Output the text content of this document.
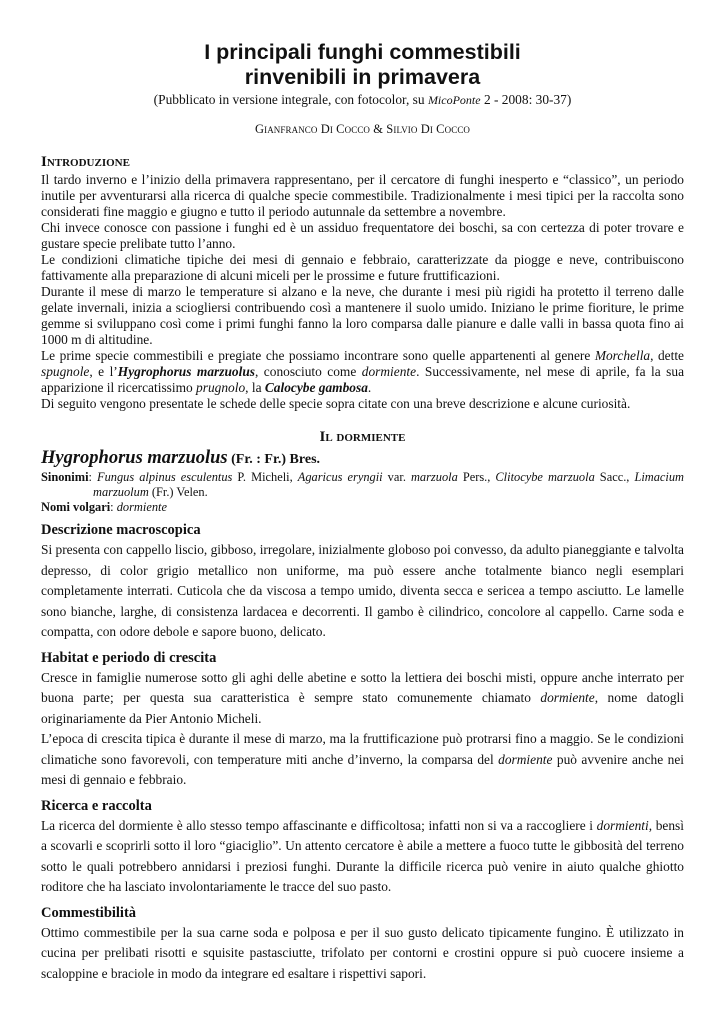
I principali funghi commestibili
rinvenibili in primavera
(Pubblicato in versione integrale, con fotocolor, su MicoPonte 2 - 2008: 30-37)
Gianfranco Di Cocco & Silvio Di Cocco
Introduzione

Il tardo inverno e l’inizio della primavera rappresentano, per il cercatore di funghi inesperto e “classico”, un periodo inutile per avventurarsi alla ricerca di qualche specie commestibile. Tradizionalmente i mesi tipici per la raccolta sono considerati fine maggio e giugno e tutto il periodo autunnale da settembre a novembre.

Chi invece conosce con passione i funghi ed è un assiduo frequentatore dei boschi, sa con certezza di poter trovare e gustare specie prelibate tutto l’anno.

Le condizioni climatiche tipiche dei mesi di gennaio e febbraio, caratterizzate da piogge e neve, contribuiscono fattivamente alla preparazione di alcuni miceli per le prossime e future fruttificazioni.

Durante il mese di marzo le temperature si alzano e la neve, che durante i mesi più rigidi ha protetto il terreno dalle gelate invernali, inizia a sciogliersi contribuendo così a mantenere il suolo umido. Iniziano le prime fioriture, le prime gemme si sviluppano così come i primi funghi fanno la loro comparsa dalle pianure e dalle valli in bassa quota fino ai 1000 m di altitudine.

Le prime specie commestibili e pregiate che possiamo incontrare sono quelle appartenenti al genere Morchella, dette spugnole, e l’Hygrophorus marzuolus, conosciuto come dormiente. Successivamente, nel mese di aprile, fa la sua apparizione il ricercatissimo prugnolo, la Calocybe gambosa.

Di seguito vengono presentate le schede delle specie sopra citate con una breve descrizione e alcune curiosità.

Il dormiente
Hygrophorus marzuolus (Fr. : Fr.) Bres.

Sinonimi: Fungus alpinus esculentus P. Micheli, Agaricus eryngii var. marzuola Pers., Clitocybe marzuola Sacc., Limacium marzuolum (Fr.) Velen.

Nomi volgari: dormiente

Descrizione macroscopica

Si presenta con cappello liscio, gibboso, irregolare, inizialmente globoso poi convesso, da adulto pianeggiante e talvolta depresso, di color grigio metallico non uniforme, ma può essere anche totalmente bianco negli esemplari completamente interrati. Cuticola che da viscosa a tempo umido, diventa secca e sericea a tempo asciutto. Le lamelle sono bianche, larghe, di consistenza lardacea e decorrenti. Il gambo è cilindrico, concolore al cappello. Carne soda e compatta, con odore debole e sapore buono, delicato.

Habitat e periodo di crescita

Cresce in famiglie numerose sotto gli aghi delle abetine e sotto la lettiera dei boschi misti, oppure anche interrato per buona parte; per questa sua caratteristica è sempre stato comunemente chiamato dormiente, nome datogli originariamente da Pier Antonio Micheli.

L’epoca di crescita tipica è durante il mese di marzo, ma la fruttificazione può protrarsi fino a maggio. Se le condizioni climatiche sono favorevoli, con temperature miti anche d’inverno, la comparsa del dormiente può avvenire anche nei mesi di gennaio e febbraio.

Ricerca e raccolta

La ricerca del dormiente è allo stesso tempo affascinante e difficoltosa; infatti non si va a raccogliere i dormienti, bensì a scovarli e scoprirli sotto il loro “giaciglio”. Un attento cercatore è abile a mettere a fuoco tutte le gibbosità del terreno sotto le quali potrebbero annidarsi i preziosi funghi. Durante la difficile ricerca può venire in aiuto qualche ghiotto roditore che ha lasciato involontariamente le tracce del suo pasto.

Commestibilità

Ottimo commestibile per la sua carne soda e polposa e per il suo gusto delicato tipicamente fungino. È utilizzato in cucina per prelibati risotti e squisite pastasciutte, trifolato per contorni e crostini oppure si può cuocere insieme a scaloppine e braciole in modo da integrare ed esaltare i rispettivi sapori.
